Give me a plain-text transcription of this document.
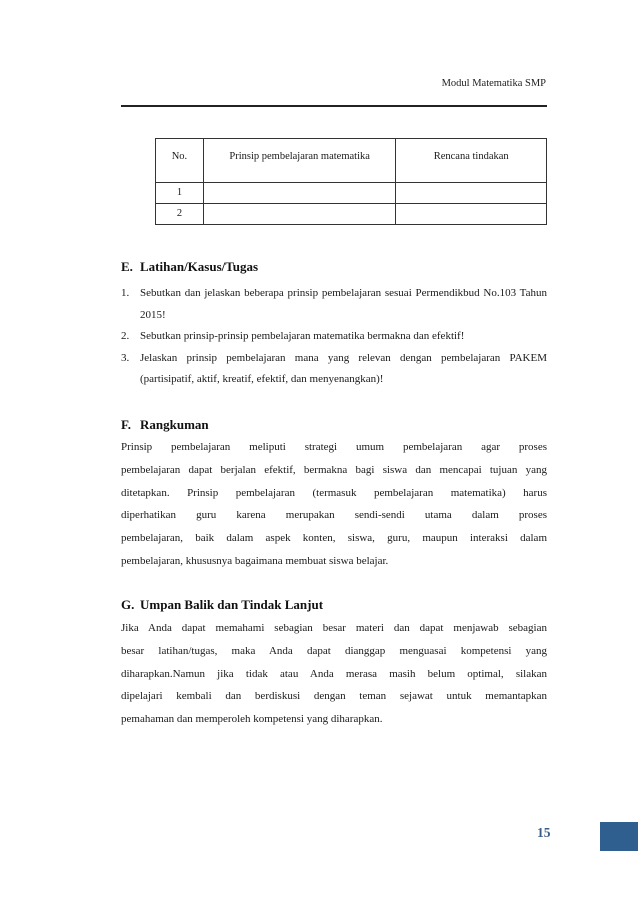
Modul Matematika SMP
No.	Prinsip pembelajaran matematika	Rencana tindakan
1		
2		
E. Latihan/Kasus/Tugas
1. Sebutkan dan jelaskan beberapa prinsip pembelajaran sesuai Permendikbud No.103 Tahun 2015!
2. Sebutkan prinsip-prinsip pembelajaran matematika bermakna dan efektif!
3. Jelaskan prinsip pembelajaran mana yang relevan dengan pembelajaran PAKEM (partisipatif, aktif, kreatif, efektif, dan menyenangkan)!
F. Rangkuman
Prinsip pembelajaran meliputi strategi umum pembelajaran agar proses
pembelajaran dapat berjalan efektif, bermakna bagi siswa dan mencapai tujuan yang
ditetapkan. Prinsip pembelajaran (termasuk pembelajaran matematika) harus
diperhatikan guru karena merupakan sendi-sendi utama dalam proses
pembelajaran, baik dalam aspek konten, siswa, guru, maupun interaksi dalam
pembelajaran, khususnya bagaimana membuat siswa belajar.
G. Umpan Balik dan Tindak Lanjut
Jika Anda dapat memahami sebagian besar materi dan dapat menjawab sebagian
besar latihan/tugas, maka Anda dapat dianggap menguasai kompetensi yang
diharapkan.Namun jika tidak atau Anda merasa masih belum optimal, silakan
dipelajari kembali dan berdiskusi dengan teman sejawat untuk memantapkan
pemahaman dan memperoleh kompetensi yang diharapkan.
15
